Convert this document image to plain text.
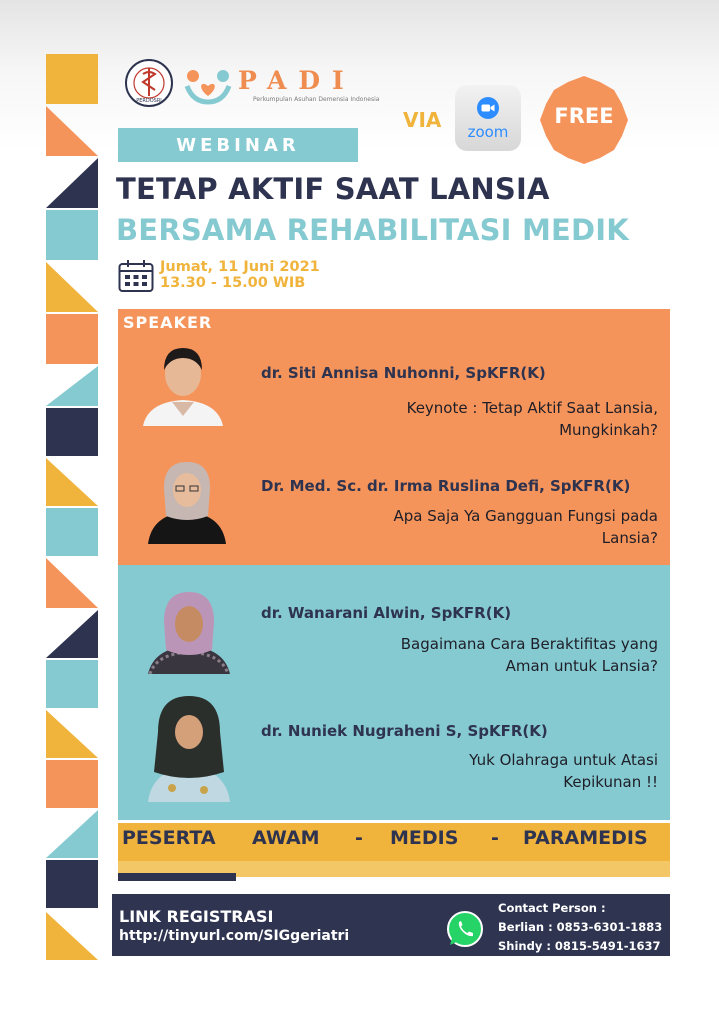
PERDOSRI
PADI
Perkumpulan Asuhan Demensia Indonesia
WEBINAR
VIA	zoom
FREE
TETAP AKTIF SAAT LANSIA
BERSAMA REHABILITASI MEDIK
Jumat, 11 Juni 2021
13.30 - 15.00 WIB
SPEAKER
dr. Siti Annisa Nuhonni, SpKFR(K)
Keynote : Tetap Aktif Saat Lansia,
Mungkinkah?
Dr. Med. Sc. dr. Irma Ruslina Defi, SpKFR(K)
Apa Saja Ya Gangguan Fungsi pada
Lansia?
dr. Wanarani Alwin, SpKFR(K)
Bagaimana Cara Beraktifitas yang
Aman untuk Lansia?
dr. Nuniek Nugraheni S, SpKFR(K)
Yuk Olahraga untuk Atasi
Kepikunan !!
PESERTA AWAM - MEDIS - PARAMEDIS
LINK REGISTRASI
http://tinyurl.com/SIGgeriatri
Contact Person :
Berlian : 0853-6301-1883
Shindy : 0815-5491-1637
